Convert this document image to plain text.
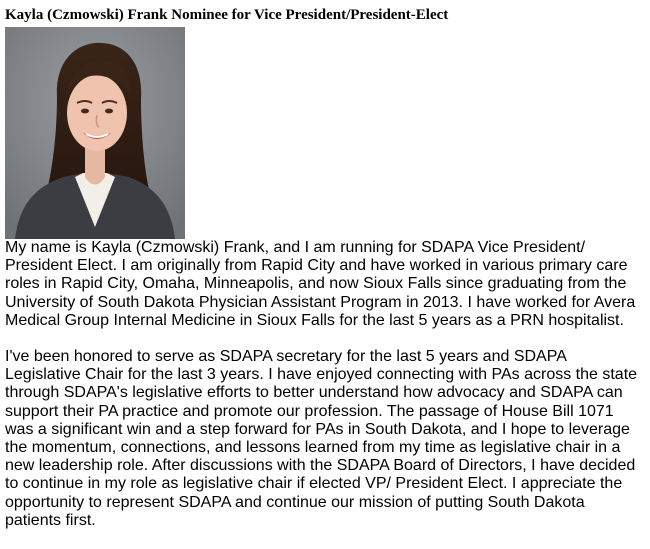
Kayla (Czmowski) Frank Nominee for Vice President/President-Elect

My name is Kayla (Czmowski) Frank, and I am running for SDAPA Vice President/ President Elect. I am originally from Rapid City and have worked in various primary care roles in Rapid City, Omaha, Minneapolis, and now Sioux Falls since graduating from the University of South Dakota Physician Assistant Program in 2013. I have worked for Avera Medical Group Internal Medicine in Sioux Falls for the last 5 years as a PRN hospitalist.

I've been honored to serve as SDAPA secretary for the last 5 years and SDAPA Legislative Chair for the last 3 years. I have enjoyed connecting with PAs across the state through SDAPA's legislative efforts to better understand how advocacy and SDAPA can support their PA practice and promote our profession. The passage of House Bill 1071 was a significant win and a step forward for PAs in South Dakota, and I hope to leverage the momentum, connections, and lessons learned from my time as legislative chair in a new leadership role. After discussions with the SDAPA Board of Directors, I have decided to continue in my role as legislative chair if elected VP/ President Elect. I appreciate the opportunity to represent SDAPA and continue our mission of putting South Dakota patients first.
